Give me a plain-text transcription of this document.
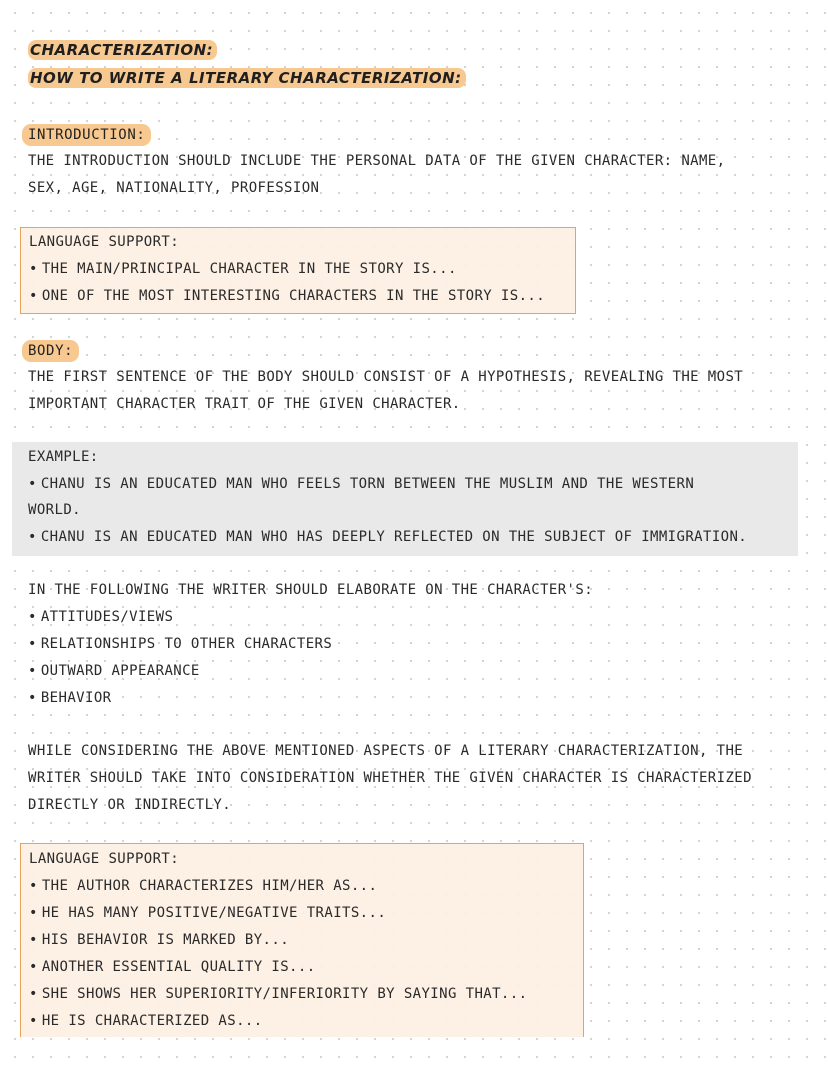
CHARACTERIZATION:
HOW TO WRITE A LITERARY CHARACTERIZATION:
INTRODUCTION:
THE INTRODUCTION SHOULD INCLUDE THE PERSONAL DATA OF THE GIVEN CHARACTER: NAME,
SEX, AGE, NATIONALITY, PROFESSION
LANGUAGE SUPPORT:
• THE MAIN/PRINCIPAL CHARACTER IN THE STORY IS...
• ONE OF THE MOST INTERESTING CHARACTERS IN THE STORY IS...
BODY:
THE FIRST SENTENCE OF THE BODY SHOULD CONSIST OF A HYPOTHESIS, REVEALING THE MOST
IMPORTANT CHARACTER TRAIT OF THE GIVEN CHARACTER.
EXAMPLE:
• CHANU IS AN EDUCATED MAN WHO FEELS TORN BETWEEN THE MUSLIM AND THE WESTERN
WORLD.
• CHANU IS AN EDUCATED MAN WHO HAS DEEPLY REFLECTED ON THE SUBJECT OF IMMIGRATION.
IN THE FOLLOWING THE WRITER SHOULD ELABORATE ON THE CHARACTER'S:
• ATTITUDES/VIEWS
• RELATIONSHIPS TO OTHER CHARACTERS
• OUTWARD APPEARANCE
• BEHAVIOR
WHILE CONSIDERING THE ABOVE MENTIONED ASPECTS OF A LITERARY CHARACTERIZATION, THE
WRITER SHOULD TAKE INTO CONSIDERATION WHETHER THE GIVEN CHARACTER IS CHARACTERIZED
DIRECTLY OR INDIRECTLY.
LANGUAGE SUPPORT:
• THE AUTHOR CHARACTERIZES HIM/HER AS...
• HE HAS MANY POSITIVE/NEGATIVE TRAITS...
• HIS BEHAVIOR IS MARKED BY...
• ANOTHER ESSENTIAL QUALITY IS...
• SHE SHOWS HER SUPERIORITY/INFERIORITY BY SAYING THAT...
• HE IS CHARACTERIZED AS...
